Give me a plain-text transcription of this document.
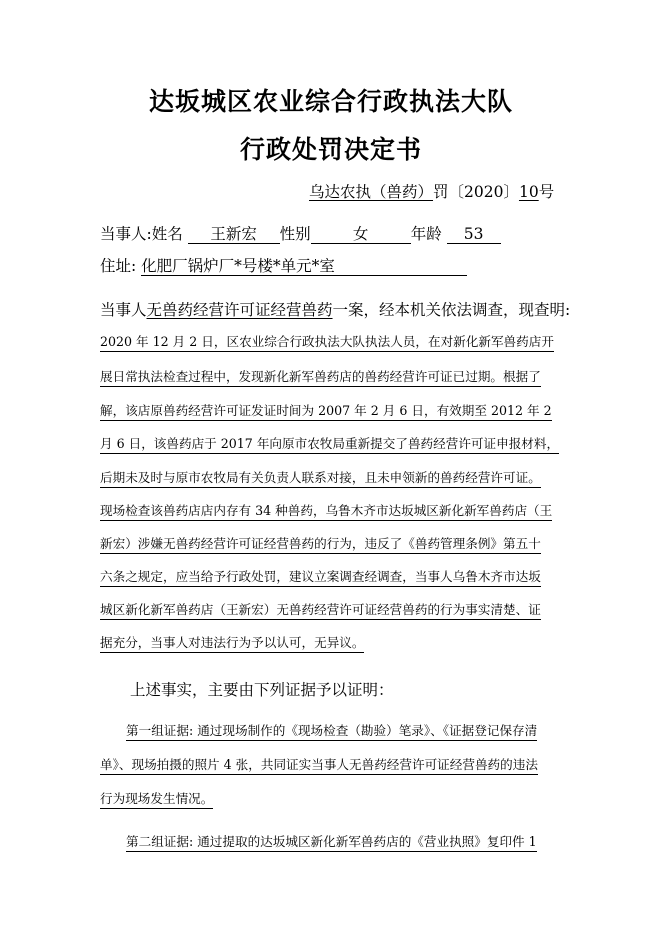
达坂城区农业综合行政执法大队
行政处罚决定书
乌达农执（兽药）罚〔2020〕10号
当事人:姓名 王新宏 性别	女	年龄 53
住址: 化肥厂锅炉厂*号楼*单元*室
当事人无兽药经营许可证经营兽药一案，经本机关依法调查，现查明:
2020 年 12 月 2 日，区农业综合行政执法大队执法人员，在对新化新军兽药店开
展日常执法检查过程中，发现新化新军兽药店的兽药经营许可证已过期。根据了
解，该店原兽药经营许可证发证时间为 2007 年 2 月 6 日，有效期至 2012 年 2
月 6 日，该兽药店于 2017 年向原市农牧局重新提交了兽药经营许可证申报材料，
后期未及时与原市农牧局有关负责人联系对接，且未申领新的兽药经营许可证。
现场检查该兽药店店内存有 34 种兽药，乌鲁木齐市达坂城区新化新军兽药店（王
新宏）涉嫌无兽药经营许可证经营兽药的行为，违反了《兽药管理条例》第五十
六条之规定，应当给予行政处罚，建议立案调查经调查，当事人乌鲁木齐市达坂
城区新化新军兽药店（王新宏）无兽药经营许可证经营兽药的行为事实清楚、证
据充分，当事人对违法行为予以认可，无异议。
上述事实，主要由下列证据予以证明：
第一组证据: 通过现场制作的《现场检查（勘验）笔录》、《证据登记保存清
单》、现场拍摄的照片 4 张，共同证实当事人无兽药经营许可证经营兽药的违法
行为现场发生情况。
第二组证据: 通过提取的达坂城区新化新军兽药店的《营业执照》复印件 1
